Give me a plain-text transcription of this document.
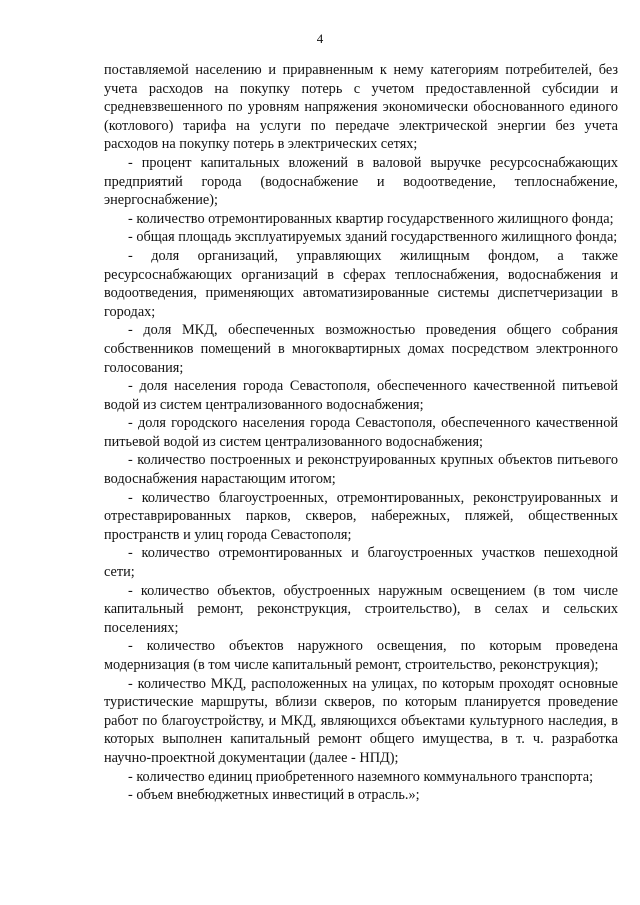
4

поставляемой населению и приравненным к нему категориям потребителей, без учета расходов на покупку потерь с учетом предоставленной субсидии и средневзвешенного по уровням напряжения экономически обоснованного единого (котлового) тарифа на услуги по передаче электрической энергии без учета расходов на покупку потерь в электрических сетях;

- процент капитальных вложений в валовой выручке ресурсоснабжающих предприятий города (водоснабжение и водоотведение, теплоснабжение, энергоснабжение);

- количество отремонтированных квартир государственного жилищного фонда;

- общая площадь эксплуатируемых зданий государственного жилищного фонда;

- доля организаций, управляющих жилищным фондом, а также ресурсоснабжающих организаций в сферах теплоснабжения, водоснабжения и водоотведения, применяющих автоматизированные системы диспетчеризации в городах;

- доля МКД, обеспеченных возможностью проведения общего собрания собственников помещений в многоквартирных домах посредством электронного голосования;

- доля населения города Севастополя, обеспеченного качественной питьевой водой из систем централизованного водоснабжения;

- доля городского населения города Севастополя, обеспеченного качественной питьевой водой из систем централизованного водоснабжения;

- количество построенных и реконструированных крупных объектов питьевого водоснабжения нарастающим итогом;

- количество благоустроенных, отремонтированных, реконструированных и отреставрированных парков, скверов, набережных, пляжей, общественных пространств и улиц города Севастополя;

- количество отремонтированных и благоустроенных участков пешеходной сети;

- количество объектов, обустроенных наружным освещением (в том числе капитальный ремонт, реконструкция, строительство), в селах и сельских поселениях;

- количество объектов наружного освещения, по которым проведена модернизация (в том числе капитальный ремонт, строительство, реконструкция);

- количество МКД, расположенных на улицах, по которым проходят основные туристические маршруты, вблизи скверов, по которым планируется проведение работ по благоустройству, и МКД, являющихся объектами культурного наследия, в которых выполнен капитальный ремонт общего имущества, в т. ч. разработка научно-проектной документации (далее - НПД);

- количество единиц приобретенного наземного коммунального транспорта;

- объем внебюджетных инвестиций в отрасль.»;
